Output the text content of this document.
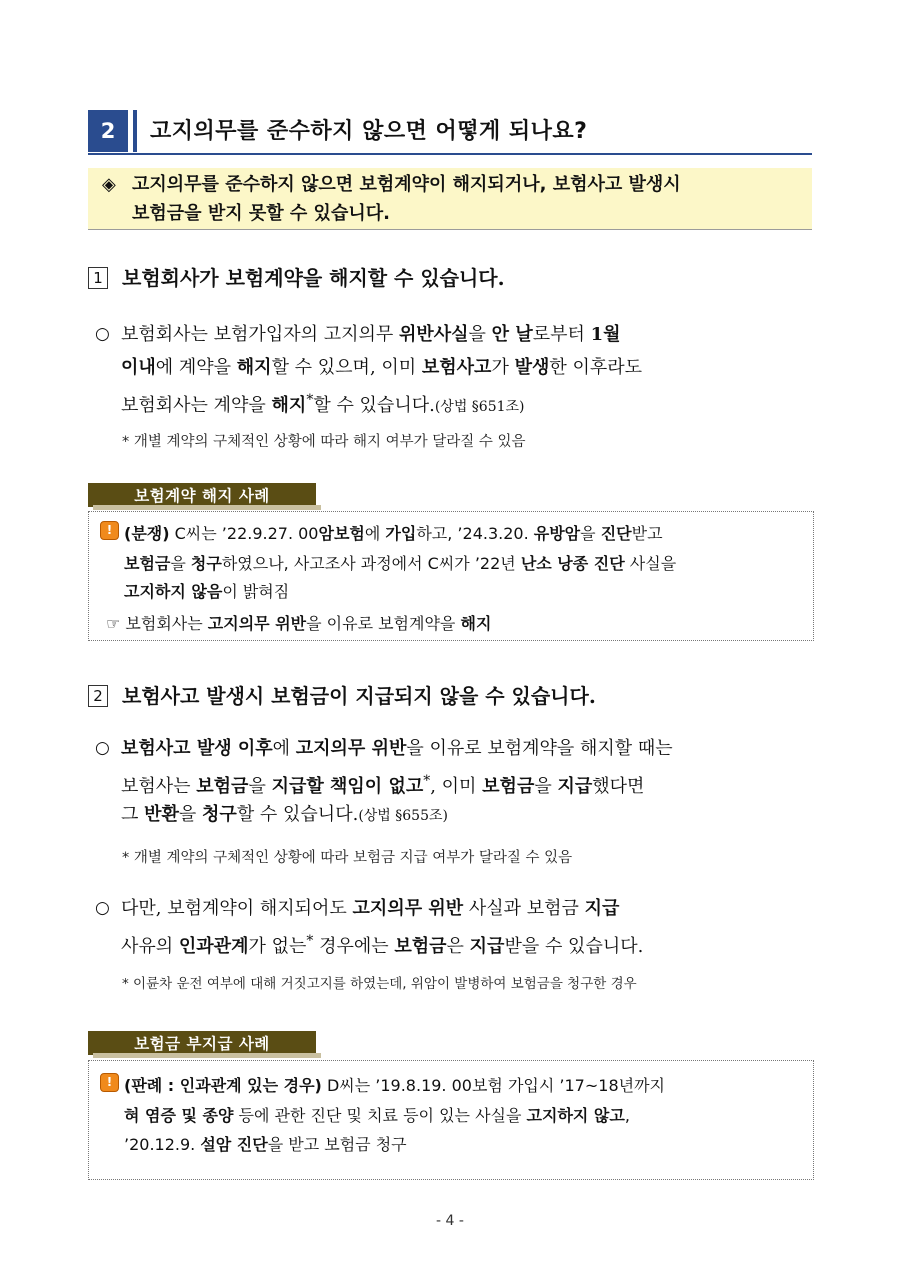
2	고지의무를 준수하지 않으면 어떻게 되나요?
◈ 고지의무를 준수하지 않으면 보험계약이 해지되거나, 보험사고 발생시
보험금을 받지 못할 수 있습니다.
1 보험회사가 보험계약을 해지할 수 있습니다.
○ 보험회사는 보험가입자의 고지의무 위반사실을 안 날로부터 1월
이내에 계약을 해지할 수 있으며, 이미 보험사고가 발생한 이후라도
보험회사는 계약을 해지*할 수 있습니다.(상법 §651조)
* 개별 계약의 구체적인 상황에 따라 해지 여부가 달라질 수 있음
보험계약 해지 사례
! (분쟁) C씨는 ’22.9.27. 00암보험에 가입하고, ’24.3.20. 유방암을 진단받고
보험금을 청구하였으나, 사고조사 과정에서 C씨가 ’22년 난소 낭종 진단 사실을
고지하지 않음이 밝혀짐
☞ 보험회사는 고지의무 위반을 이유로 보험계약을 해지
2 보험사고 발생시 보험금이 지급되지 않을 수 있습니다.
○ 보험사고 발생 이후에 고지의무 위반을 이유로 보험계약을 해지할 때는
보험사는 보험금을 지급할 책임이 없고*, 이미 보험금을 지급했다면
그 반환을 청구할 수 있습니다.(상법 §655조)
* 개별 계약의 구체적인 상황에 따라 보험금 지급 여부가 달라질 수 있음
○ 다만, 보험계약이 해지되어도 고지의무 위반 사실과 보험금 지급
사유의 인과관계가 없는* 경우에는 보험금은 지급받을 수 있습니다.
* 이륜차 운전 여부에 대해 거짓고지를 하였는데, 위암이 발병하여 보험금을 청구한 경우
보험금 부지급 사례
! (판례 : 인과관계 있는 경우) D씨는 ’19.8.19. 00보험 가입시 ’17~18년까지
혀 염증 및 종양 등에 관한 진단 및 치료 등이 있는 사실을 고지하지 않고,
’20.12.9. 설암 진단을 받고 보험금 청구
- 4 -
